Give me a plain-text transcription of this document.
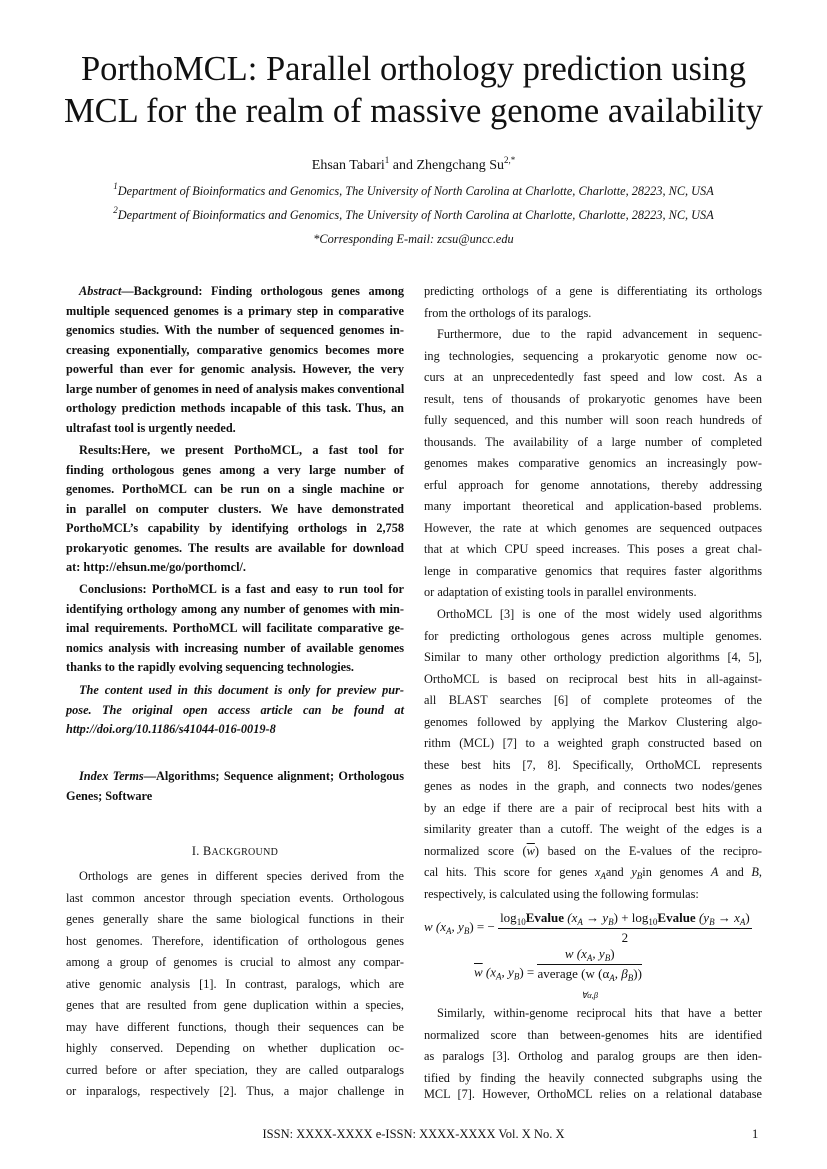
PorthoMCL: Parallel orthology prediction using
MCL for the realm of massive genome availability
Ehsan Tabari$^1$ and Zhengchang $Su^{2,*}$
$^1$Department of Bioinformatics and Genomics, The University of North Carolina at Charlotte, Charlotte, 28223, NC, USA
$^2$Department of Bioinformatics and Genomics, The University of North Carolina at Charlotte, Charlotte, 28223, NC, USA
*Corresponding E-mail: zcsu@uncc.edu
Abstract—Background: Finding orthologous genes among
multiple sequenced genomes is a primary step in comparative
genomics studies. With the number of sequenced genomes in-
creasing exponentially, comparative genomics becomes more
powerful than ever for genomic analysis. However, the very
large number of genomes in need of analysis makes conventional
orthology prediction methods incapable of this task. Thus, an
ultrafast tool is urgently needed.
Results:Here, we present PorthoMCL, a fast tool for
finding orthologous genes among a very large number of
genomes. PorthoMCL can be run on a single machine or
in parallel on computer clusters. We have demonstrated
PorthoMCL’s capability by identifying orthologs in 2,758
prokaryotic genomes. The results are available for download
at: http://ehsun.me/go/porthomcl/.
Conclusions: PorthoMCL is a fast and easy to run tool for
identifying orthology among any number of genomes with min-
imal requirements. PorthoMCL will facilitate comparative ge-
nomics analysis with increasing number of available genomes
thanks to the rapidly evolving sequencing technologies.
The content used in this document is only for preview pur-
pose. The original open access article can be found at
http://doi.org/10.1186/s41044-016-0019-8
Index Terms—Algorithms; Sequence alignment; Orthologous
Genes; Software
I. BACKGROUND
Orthologs are genes in different species derived from the
last common ancestor through speciation events. Orthologous
genes generally share the same biological functions in their
host genomes. Therefore, identification of orthologous genes
among a group of genomes is crucial to almost any compar-
ative genomic analysis [1]. In contrast, paralogs, which are
genes that are resulted from gene duplication within a species,
may have different functions, though their sequences can be
highly conserved. Depending on whether duplication oc-
curred before or after speciation, they are called outparalogs
or inparalogs, respectively [2]. Thus, a major challenge in
predicting orthologs of a gene is differentiating its orthologs
from the orthologs of its paralogs.
Furthermore, due to the rapid advancement in sequenc-
ing technologies, sequencing a prokaryotic genome now oc-
curs at an unprecedentedly fast speed and low cost. As a
result, tens of thousands of prokaryotic genomes have been
fully sequenced, and this number will soon reach hundreds of
thousands. The availability of a large number of completed
genomes makes comparative genomics an increasingly pow-
erful approach for genome annotations, thereby addressing
many important theoretical and application-based problems.
However, the rate at which genomes are sequenced outpaces
that at which CPU speed increases. This poses a great chal-
lenge in comparative genomics that requires faster algorithms
or adaptation of existing tools in parallel environments.
OrthoMCL [3] is one of the most widely used algorithms
for predicting orthologous genes across multiple genomes.
Similar to many other orthology prediction algorithms [4, 5],
OrthoMCL is based on reciprocal best hits in all-against-
all BLAST searches [6] of complete proteomes of the
genomes followed by applying the Markov Clustering algo-
rithm (MCL) [7] to a weighted graph constructed based on
these best hits [7, 8]. Specifically, OrthoMCL represents
genes as nodes in the graph, and connects two nodes/genes
by an edge if there are a pair of reciprocal best hits with a
similarity greater than a cutoff. The weight of the edges is a
normalized score $(\overline{w})$ based on the E-values of the recipro-
cal hits. This score for genes $x_Aand$ $y_Bin$ genomes A and B,
respectively, is calculated using the following formulas:
w ($x_A$, $y_B$) = − $\frac{\log_{10}Evalue (x_A \to y_B) + \log_{10}Evalue (y_B \to x_A)}{2}$
$\overline{w}$ ($x_A$, $y_B$) =
w ($x_A$, $y_B$)
average (w ($\alpha_A$, $\beta_B$))
$_{\forall\alpha,\beta}$
Similarly, within-genome reciprocal hits that have a better
normalized score than between-genomes hits are identified
as paralogs [3]. Ortholog and paralog groups are then iden-
tified by finding the heavily connected subgraphs using the
MCL [7]. However, OrthoMCL relies on a relational database
ISSN: XXXX-XXXX e-ISSN: XXXX-XXXX Vol. X No. X	1
